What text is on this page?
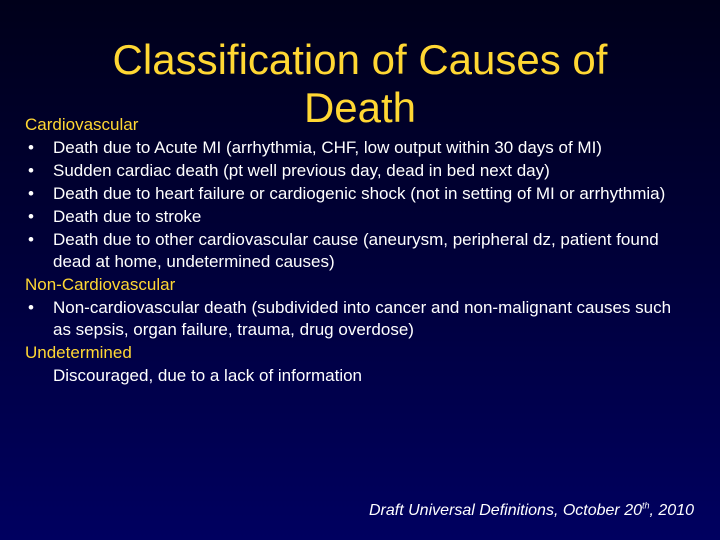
Classification of Causes of Death
Cardiovascular
• Death due to Acute MI (arrhythmia, CHF, low output within 30 days of MI)
• Sudden cardiac death (pt well previous day, dead in bed next day)
• Death due to heart failure or cardiogenic shock (not in setting of MI or arrhythmia)
• Death due to stroke
• Death due to other cardiovascular cause (aneurysm, peripheral dz, patient found dead at home, undetermined causes)
Non-Cardiovascular
• Non-cardiovascular death (subdivided into cancer and non-malignant causes such as sepsis, organ failure, trauma, drug overdose)
Undetermined
Discouraged, due to a lack of information
Draft Universal Definitions, October 20th, 2010
